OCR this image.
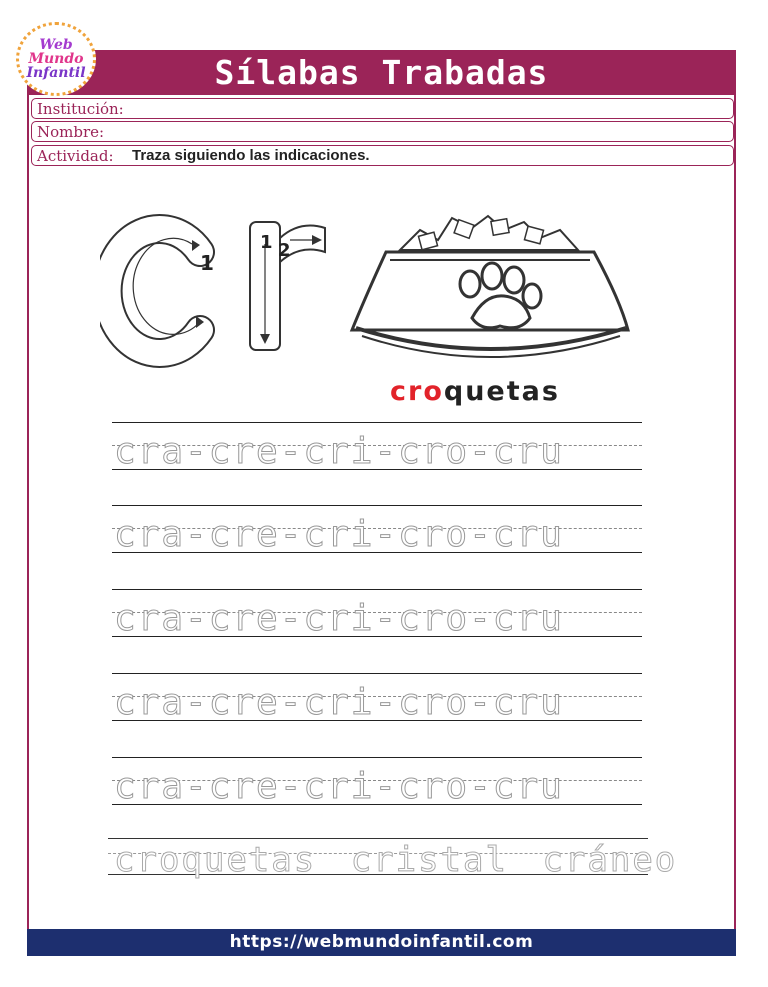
Sílabas Trabadas
Web
Mundo
Infantil
Institución:
Nombre:
Actividad: Traza siguiendo las indicaciones.
1
1 2
croquetas
cra-cre-cri-cro-cru
cra-cre-cri-cro-cru
cra-cre-cri-cro-cru
cra-cre-cri-cro-cru
cra-cre-cri-cro-cru
croquetas cristal cráneo
https://webmundoinfantil.com
